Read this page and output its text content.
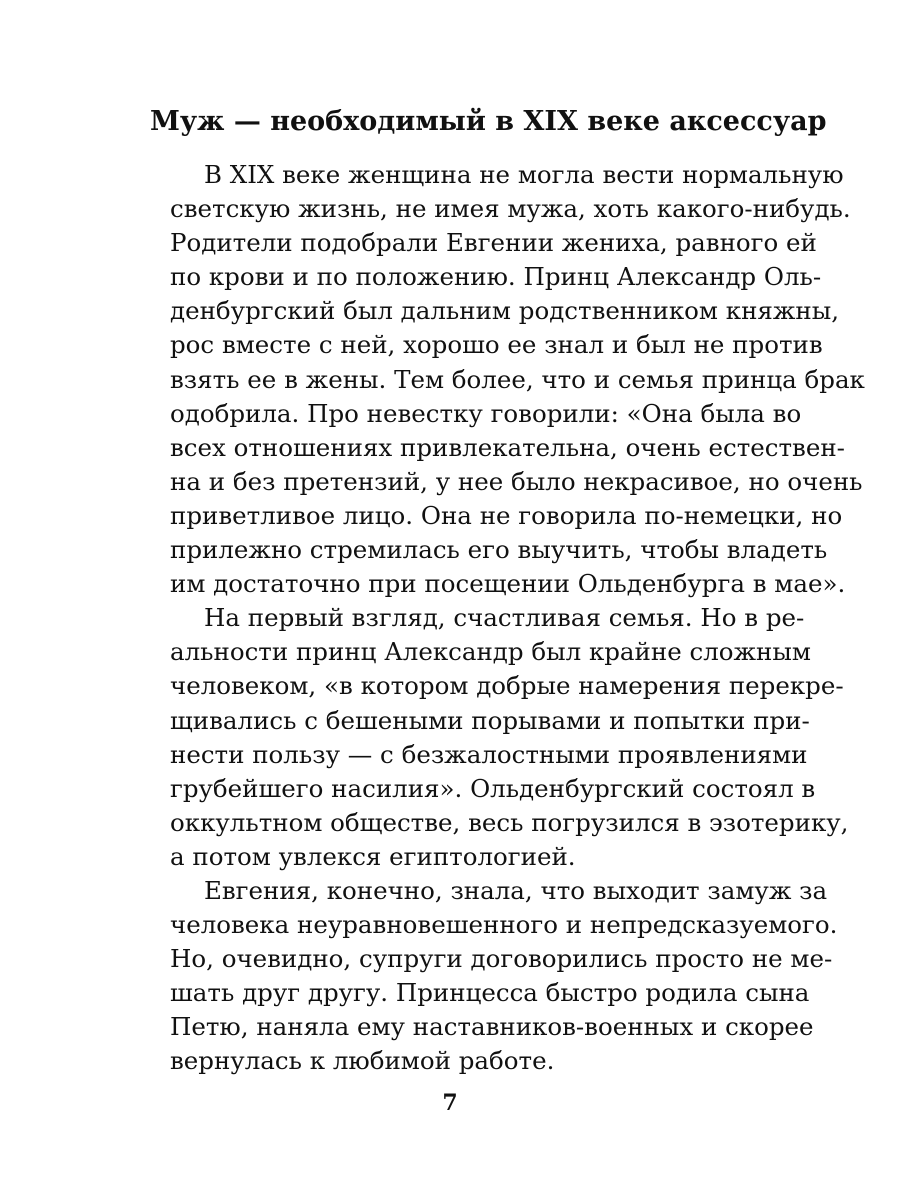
Муж — необходимый в XIX веке аксессуар
В XIX веке женщина не могла вести нормальную
светскую жизнь, не имея мужа, хоть какого-нибудь.
Родители подобрали Евгении жениха, равного ей
по крови и по положению. Принц Александр Оль-
денбургский был дальним родственником княжны,
рос вместе с ней, хорошо ее знал и был не против
взять ее в жены. Тем более, что и семья принца брак
одобрила. Про невестку говорили: «Она была во
всех отношениях привлекательна, очень естествен-
на и без претензий, у нее было некрасивое, но очень
приветливое лицо. Она не говорила по-немецки, но
прилежно стремилась его выучить, чтобы владеть
им достаточно при посещении Ольденбурга в мае».
На первый взгляд, счастливая семья. Но в ре-
альности принц Александр был крайне сложным
человеком, «в котором добрые намерения перекре-
щивались с бешеными порывами и попытки при-
нести пользу — с безжалостными проявлениями
грубейшего насилия». Ольденбургский состоял в
оккультном обществе, весь погрузился в эзотерику,
а потом увлекся египтологией.
Евгения, конечно, знала, что выходит замуж за
человека неуравновешенного и непредсказуемого.
Но, очевидно, супруги договорились просто не ме-
шать друг другу. Принцесса быстро родила сына
Петю, наняла ему наставников-военных и скорее
вернулась к любимой работе.
7
